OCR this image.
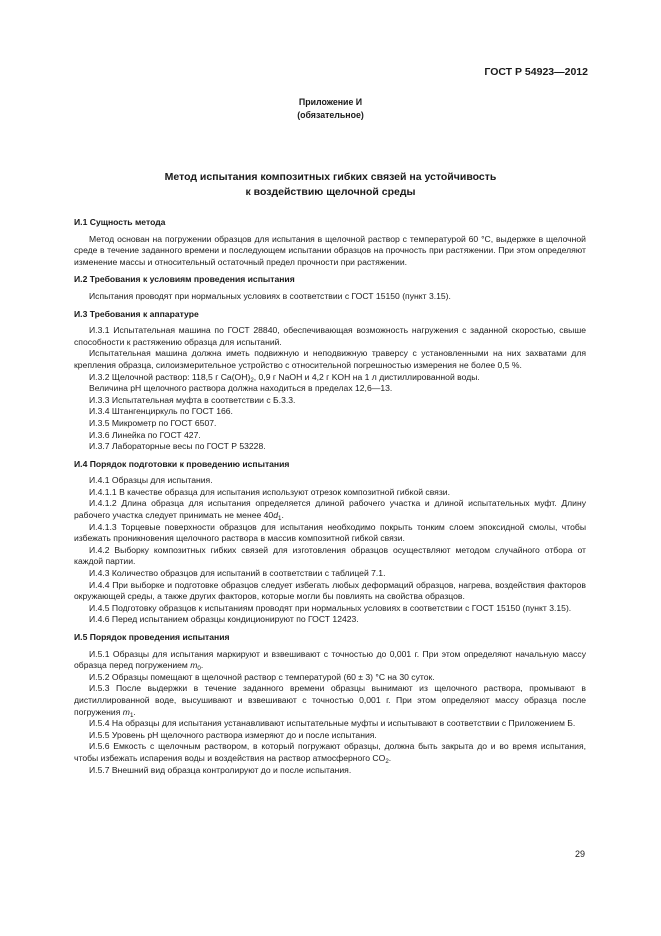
ГОСТ Р 54923—2012
Приложение И
(обязательное)
Метод испытания композитных гибких связей на устойчивость
к воздействию щелочной среды
И.1 Сущность метода

Метод основан на погружении образцов для испытания в щелочной раствор с температурой 60 °С, выдержке в щелочной среде в течение заданного времени и последующем испытании образцов на прочность при растяжении. При этом определяют изменение массы и относительный остаточный предел прочности при растяжении.

И.2 Требования к условиям проведения испытания

Испытания проводят при нормальных условиях в соответствии с ГОСТ 15150 (пункт 3.15).

И.3 Требования к аппаратуре

И.3.1 Испытательная машина по ГОСТ 28840, обеспечивающая возможность нагружения с заданной скоростью, свыше способности к растяжению образца для испытаний.

Испытательная машина должна иметь подвижную и неподвижную траверсу с установленными на них захватами для крепления образца, силоизмерительное устройство с относительной погрешностью измерения не более 0,5 %.

И.3.2 Щелочной раствор: 118,5 г $Ca(OH)_2$, 0,9 г NaOH и 4,2 г KOH на 1 л дистиллированной воды.

Величина pH щелочного раствора должна находиться в пределах 12,6—13.

И.3.3 Испытательная муфта в соответствии с Б.3.3.

И.3.4 Штангенциркуль по ГОСТ 166.

И.3.5 Микрометр по ГОСТ 6507.

И.3.6 Линейка по ГОСТ 427.

И.3.7 Лабораторные весы по ГОСТ Р 53228.

И.4 Порядок подготовки к проведению испытания

И.4.1 Образцы для испытания.

И.4.1.1 В качестве образца для испытания используют отрезок композитной гибкой связи.

И.4.1.2 Длина образца для испытания определяется длиной рабочего участка и длиной испытательных муфт. Длину рабочего участка следует принимать не менее $40d_1$.

И.4.1.3 Торцевые поверхности образцов для испытания необходимо покрыть тонким слоем эпоксидной смолы, чтобы избежать проникновения щелочного раствора в массив композитной гибкой связи.

И.4.2 Выборку композитных гибких связей для изготовления образцов осуществляют методом случайного отбора от каждой партии.

И.4.3 Количество образцов для испытаний в соответствии с таблицей 7.1.

И.4.4 При выборке и подготовке образцов следует избегать любых деформаций образцов, нагрева, воздействия факторов окружающей среды, а также других факторов, которые могли бы повлиять на свойства образцов.

И.4.5 Подготовку образцов к испытаниям проводят при нормальных условиях в соответствии с ГОСТ 15150 (пункт 3.15).

И.4.6 Перед испытанием образцы кондиционируют по ГОСТ 12423.

И.5 Порядок проведения испытания

И.5.1 Образцы для испытания маркируют и взвешивают с точностью до 0,001 г. При этом определяют начальную массу образца перед погружением $m_0$.

И.5.2 Образцы помещают в щелочной раствор с температурой (60 ± 3) °С на 30 суток.

И.5.3 После выдержки в течение заданного времени образцы вынимают из щелочного раствора, промывают в дистиллированной воде, высушивают и взвешивают с точностью 0,001 г. При этом определяют массу образца после погружения $m_1$.

И.5.4 На образцы для испытания устанавливают испытательные муфты и испытывают в соответствии с Приложением Б.

И.5.5 Уровень pH щелочного раствора измеряют до и после испытания.

И.5.6 Емкость с щелочным раствором, в который погружают образцы, должна быть закрыта до и во время испытания, чтобы избежать испарения воды и воздействия на раствор атмосферного $CO_2$.

И.5.7 Внешний вид образца контролируют до и после испытания.

29
